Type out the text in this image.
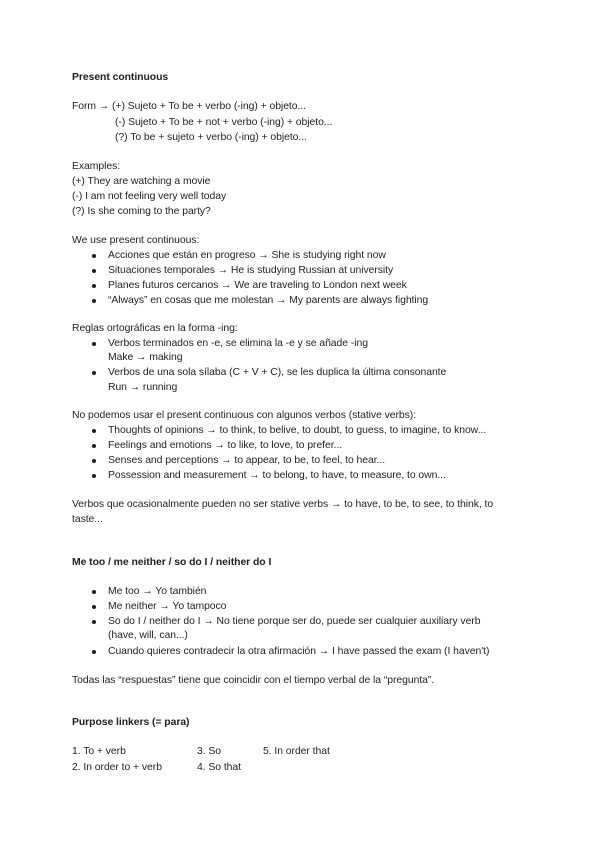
Present continuous
Form → (+) Sujeto + To be + verbo (-ing) + objeto...
(-) Sujeto + To be + not + verbo (-ing) + objeto...
(?) To be + sujeto + verbo (-ing) + objeto...
Examples:
(+) They are watching a movie
(-) I am not feeling very well today
(?) Is she coming to the party?
We use present continuous:
Acciones que están en progreso → She is studying right now
Situaciones temporales → He is studying Russian at university
Planes futuros cercanos → We are traveling to London next week
“Always” en cosas que me molestan → My parents are always fighting
Reglas ortográficas en la forma -ing:
Verbos terminados en -e, se elimina la -e y se añade -ing
Make → making
Verbos de una sola sílaba (C + V + C), se les duplica la última consonante
Run → running
No podemos usar el present continuous con algunos verbos (stative verbs):
Thoughts of opinions → to think, to belive, to doubt, to guess, to imagine, to know...
Feelings and emotions → to like, to love, to prefer...
Senses and perceptions → to appear, to be, to feel, to hear...
Possession and measurement → to belong, to have, to measure, to own...
Verbos que ocasionalmente pueden no ser stative verbs → to have, to be, to see, to think, to
taste...
Me too / me neither / so do I / neither do I
Me too → Yo también
Me neither → Yo tampoco
So do I / neither do I → No tiene porque ser do, puede ser cualquier auxiliary verb
(have, will, can...)
Cuando quieres contradecir la otra afirmación → I have passed the exam (I haven't)
Todas las “respuestas” tiene que coincidir con el tiempo verbal de la “pregunta”.
Purpose linkers (= para)
1. To + verb	3. So	5. In order that
2. In order to + verb	4. So that
